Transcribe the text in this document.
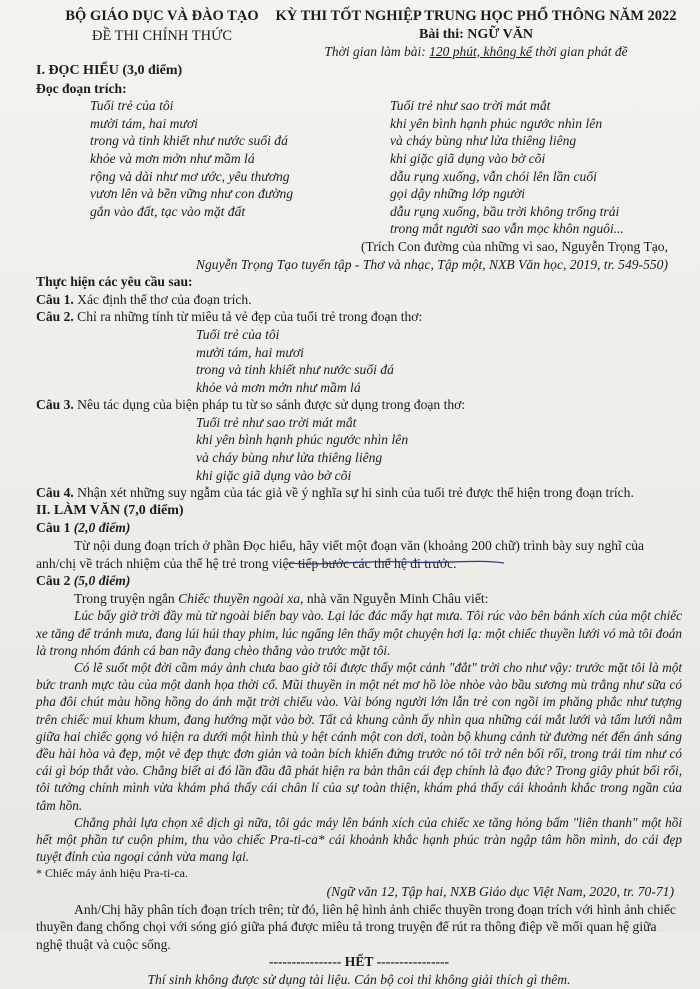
BỘ GIÁO DỤC VÀ ĐÀO TẠO
ĐỀ THI CHÍNH THỨC
KỲ THI TỐT NGHIỆP TRUNG HỌC PHỔ THÔNG NĂM 2022
Bài thi: NGỮ VĂN
Thời gian làm bài: 120 phút, không kể thời gian phát đề

I. ĐỌC HIỂU (3,0 điểm)

Đọc đoạn trích:

Tuổi trẻ của tôi
mười tám, hai mươi
trong và tinh khiết như nước suối đá
khỏe và mơn mởn như mầm lá
rộng và dài như mơ ước, yêu thương
vươn lên và bền vững như con đường
gắn vào đất, tạc vào mặt đất
Tuổi trẻ như sao trời mát mắt
khi yên bình hạnh phúc ngước nhìn lên
và cháy bùng như lửa thiêng liêng
khi giặc giã dụng vào bờ cõi
dẫu rụng xuống, vẫn chói lên lần cuối
gọi dậy những lớp người
dẫu rụng xuống, bầu trời không trống trải
trong mắt người sao vẫn mọc khôn nguôi...

(Trích Con đường của những vì sao, Nguyễn Trọng Tạo,

Nguyễn Trọng Tạo tuyển tập - Thơ và nhạc, Tập một, NXB Văn học, 2019, tr. 549-550)

Thực hiện các yêu cầu sau:

Câu 1. Xác định thể thơ của đoạn trích.

Câu 2. Chỉ ra những tính từ miêu tả vẻ đẹp của tuổi trẻ trong đoạn thơ:

Tuổi trẻ của tôi
mười tám, hai mươi
trong và tinh khiết như nước suối đá
khỏe và mơn mởn như mầm lá

Câu 3. Nêu tác dụng của biện pháp tu từ so sánh được sử dụng trong đoạn thơ:

Tuổi trẻ như sao trời mát mắt
khi yên bình hạnh phúc ngước nhìn lên
và cháy bùng như lửa thiêng liêng
khi giặc giã dụng vào bờ cõi

Câu 4. Nhận xét những suy ngẫm của tác giả về ý nghĩa sự hi sinh của tuổi trẻ được thể hiện trong đoạn trích.

II. LÀM VĂN (7,0 điểm)

Câu 1 (2,0 điểm)

Từ nội dung đoạn trích ở phần Đọc hiểu, hãy viết một đoạn văn (khoảng 200 chữ) trình bày suy nghĩ của anh/chị về trách nhiệm của thế hệ trẻ trong việc tiếp bước các thế hệ đi trước.

Câu 2 (5,0 điểm)

Trong truyện ngắn Chiếc thuyền ngoài xa, nhà văn Nguyễn Minh Châu viết:

Lúc bấy giờ trời đầy mù từ ngoài biển bay vào. Lại lác đác mấy hạt mưa. Tôi rúc vào bên bánh xích của một chiếc xe tăng để tránh mưa, đang lúi húi thay phim, lúc ngẩng lên thấy một chuyện hơi lạ: một chiếc thuyền lưới vó mà tôi đoán là trong nhóm đánh cá ban nãy đang chèo thẳng vào trước mặt tôi.

Có lẽ suốt một đời cầm máy ảnh chưa bao giờ tôi được thấy một cảnh "đắt" trời cho như vậy: trước mặt tôi là một bức tranh mực tàu của một danh họa thời cổ. Mũi thuyền in một nét mơ hồ lòe nhòe vào bầu sương mù trắng như sữa có pha đôi chút màu hồng hồng do ánh mặt trời chiếu vào. Vài bóng người lớn lẫn trẻ con ngồi im phăng phắc như tượng trên chiếc mui khum khum, đang hướng mặt vào bờ. Tất cả khung cảnh ấy nhìn qua những cái mắt lưới và tấm lưới nằm giữa hai chiếc gọng vó hiện ra dưới một hình thù y hệt cánh một con dơi, toàn bộ khung cảnh từ đường nét đến ánh sáng đều hài hòa và đẹp, một vẻ đẹp thực đơn giản và toàn bích khiến đứng trước nó tôi trở nên bối rối, trong trái tim như có cái gì bóp thắt vào. Chẳng biết ai đó lần đầu đã phát hiện ra bản thân cái đẹp chính là đạo đức? Trong giây phút bối rối, tôi tưởng chính mình vừa khám phá thấy cái chân lí của sự toàn thiện, khám phá thấy cái khoảnh khắc trong ngần của tâm hồn.

Chẳng phải lựa chọn xê dịch gì nữa, tôi gác máy lên bánh xích của chiếc xe tăng hỏng bấm "liên thanh" một hồi hết một phần tư cuộn phim, thu vào chiếc Pra-ti-ca* cái khoảnh khắc hạnh phúc tràn ngập tâm hồn mình, do cái đẹp tuyệt đỉnh của ngoại cảnh vừa mang lại.

* Chiếc máy ảnh hiệu Pra-ti-ca.

(Ngữ văn 12, Tập hai, NXB Giáo dục Việt Nam, 2020, tr. 70-71)

Anh/Chị hãy phân tích đoạn trích trên; từ đó, liên hệ hình ảnh chiếc thuyền trong đoạn trích với hình ảnh chiếc thuyền đang chống chọi với sóng gió giữa phá được miêu tả trong truyện để rút ra thông điệp về mối quan hệ giữa nghệ thuật và cuộc sống.

---------------- HẾT ----------------

Thí sinh không được sử dụng tài liệu. Cán bộ coi thi không giải thích gì thêm.
